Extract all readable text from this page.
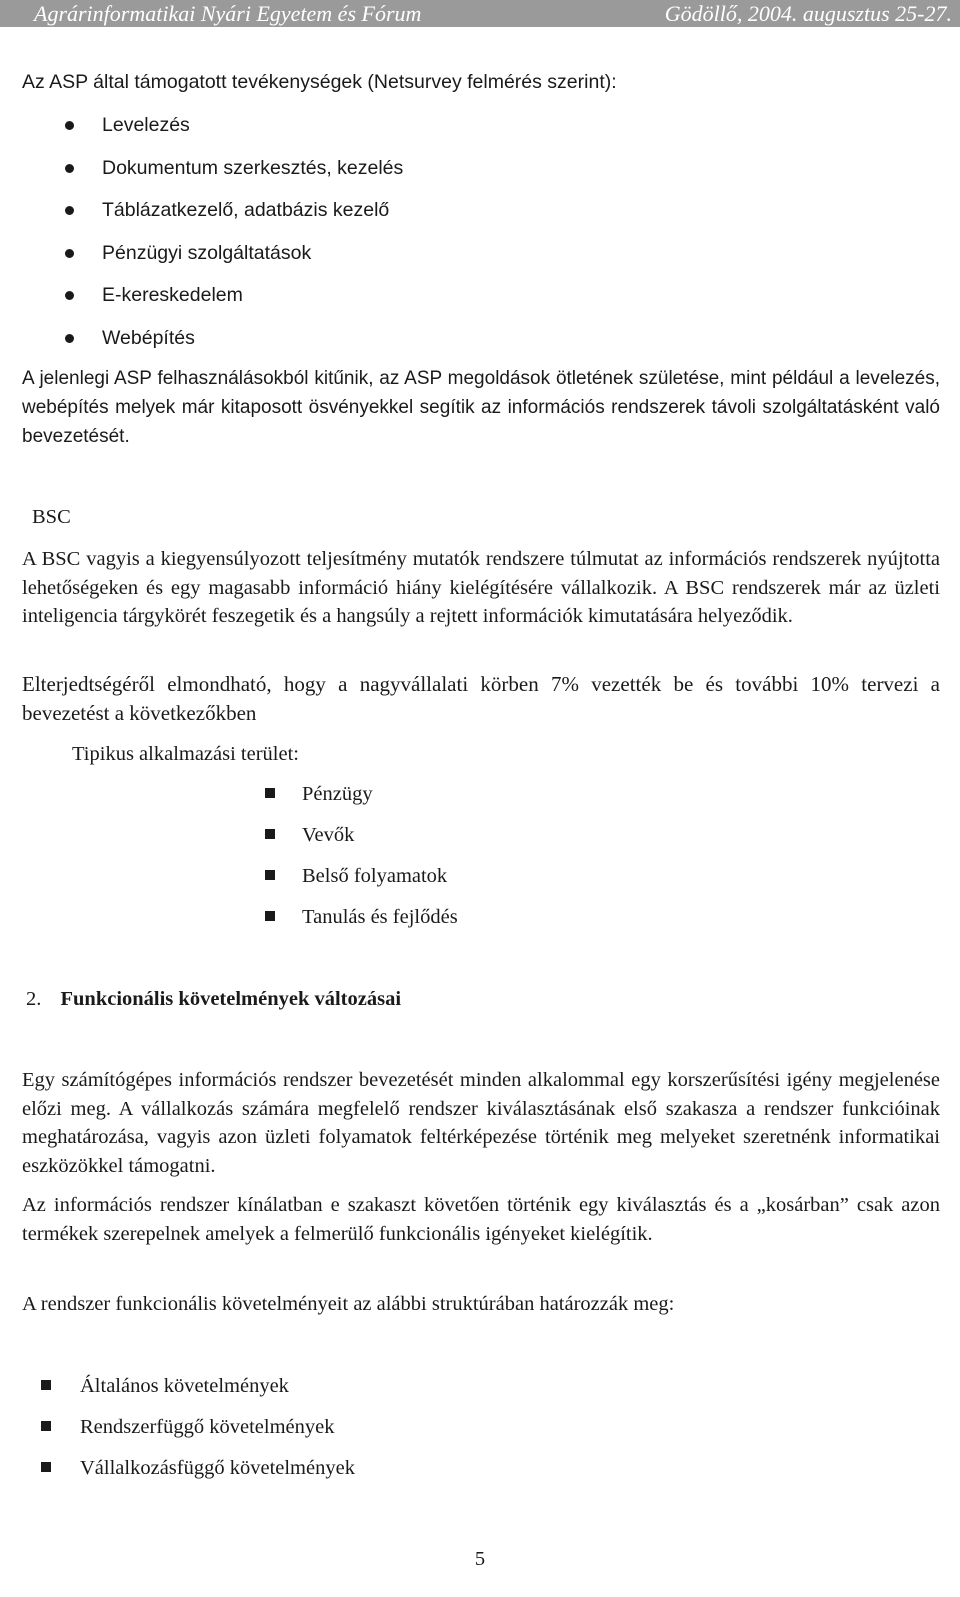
Agrárinformatikai Nyári Egyetem és Fórum	Gödöllő, 2004. augusztus 25-27.

Az ASP által támogatott tevékenységek (Netsurvey felmérés szerint):

Levelezés
Dokumentum szerkesztés, kezelés
Táblázatkezelő, adatbázis kezelő
Pénzügyi szolgáltatások
E-kereskedelem
Webépítés

A jelenlegi ASP felhasználásokból kitűnik, az ASP megoldások ötletének születése, mint például a levelezés, webépítés melyek már kitaposott ösvényekkel segítik az információs rendszerek távoli szolgáltatásként való bevezetését.

BSC

A BSC vagyis a kiegyensúlyozott teljesítmény mutatók rendszere túlmutat az információs rendszerek nyújtotta lehetőségeken és egy magasabb információ hiány kielégítésére vállalkozik. A BSC rendszerek már az üzleti inteligencia tárgykörét feszegetik és a hangsúly a rejtett információk kimutatására helyeződik.

Elterjedtségéről elmondható, hogy a nagyvállalati körben 7% vezették be és további 10% tervezi a bevezetést a következőkben

Tipikus alkalmazási terület:

Pénzügy
Vevők
Belső folyamatok
Tanulás és fejlődés
2. Funkcionális követelmények változásai

Egy számítógépes információs rendszer bevezetését minden alkalommal egy korszerűsítési igény megjelenése előzi meg. A vállalkozás számára megfelelő rendszer kiválasztásának első szakasza a rendszer funkcióinak meghatározása, vagyis azon üzleti folyamatok feltérképezése történik meg melyeket szeretnénk informatikai eszközökkel támogatni.

Az információs rendszer kínálatban e szakaszt követően történik egy kiválasztás és a „kosárban” csak azon termékek szerepelnek amelyek a felmerülő funkcionális igényeket kielégítik.

A rendszer funkcionális követelményeit az alábbi struktúrában határozzák meg:

Általános követelmények
Rendszerfüggő követelmények
Vállalkozásfüggő követelmények

5
